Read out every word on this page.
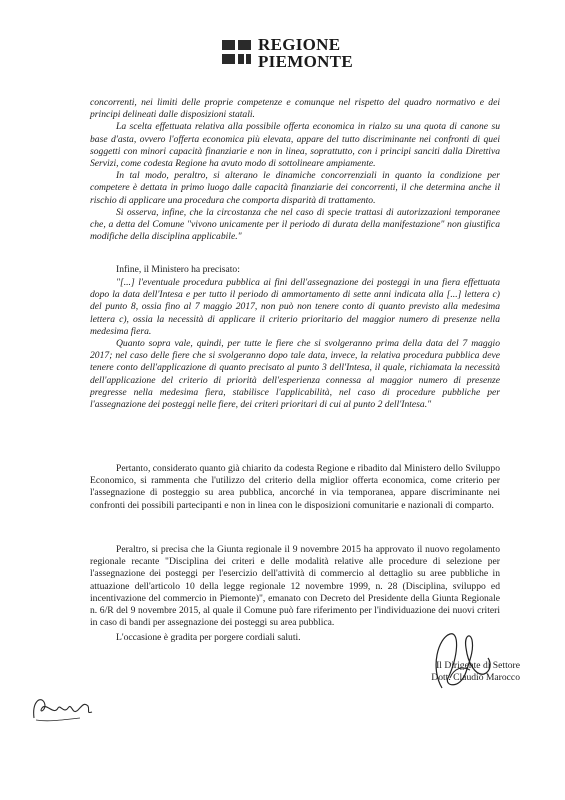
REGIONE
PIEMONTE

concorrenti, nei limiti delle proprie competenze e comunque nel rispetto del quadro normativo e dei principi delineati dalle disposizioni statali.

La scelta effettuata relativa alla possibile offerta economica in rialzo su una quota di canone su base d'asta, ovvero l'offerta economica più elevata, appare del tutto discriminante nei confronti di quei soggetti con minori capacità finanziarie e non in linea, soprattutto, con i principi sanciti dalla Direttiva Servizi, come codesta Regione ha avuto modo di sottolineare ampiamente.

In tal modo, peraltro, si alterano le dinamiche concorrenziali in quanto la condizione per competere è dettata in primo luogo dalle capacità finanziarie dei concorrenti, il che determina anche il rischio di applicare una procedura che comporta disparità di trattamento.

Si osserva, infine, che la circostanza che nel caso di specie trattasi di autorizzazioni temporanee che, a detta del Comune "vivono unicamente per il periodo di durata della manifestazione" non giustifica modifiche della disciplina applicabile."

Infine, il Ministero ha precisato:

"[...] l'eventuale procedura pubblica ai fini dell'assegnazione dei posteggi in una fiera effettuata dopo la data dell'Intesa e per tutto il periodo di ammortamento di sette anni indicata alla [...] lettera c) del punto 8, ossia fino al 7 maggio 2017, non può non tenere conto di quanto previsto alla medesima lettera c), ossia la necessità di applicare il criterio prioritario del maggior numero di presenze nella medesima fiera.

Quanto sopra vale, quindi, per tutte le fiere che si svolgeranno prima della data del 7 maggio 2017; nel caso delle fiere che si svolgeranno dopo tale data, invece, la relativa procedura pubblica deve tenere conto dell'applicazione di quanto precisato al punto 3 dell'Intesa, il quale, richiamata la necessità dell'applicazione del criterio di priorità dell'esperienza connessa al maggior numero di presenze pregresse nella medesima fiera, stabilisce l'applicabilità, nel caso di procedure pubbliche per l'assegnazione dei posteggi nelle fiere, dei criteri prioritari di cui al punto 2 dell'Intesa."

Pertanto, considerato quanto già chiarito da codesta Regione e ribadito dal Ministero dello Sviluppo Economico, si rammenta che l'utilizzo del criterio della miglior offerta economica, come criterio per l'assegnazione di posteggio su area pubblica, ancorché in via temporanea, appare discriminante nei confronti dei possibili partecipanti e non in linea con le disposizioni comunitarie e nazionali di comparto.

Peraltro, si precisa che la Giunta regionale il 9 novembre 2015 ha approvato il nuovo regolamento regionale recante "Disciplina dei criteri e delle modalità relative alle procedure di selezione per l'assegnazione dei posteggi per l'esercizio dell'attività di commercio al dettaglio su aree pubbliche in attuazione dell'articolo 10 della legge regionale 12 novembre 1999, n. 28 (Disciplina, sviluppo ed incentivazione del commercio in Piemonte)", emanato con Decreto del Presidente della Giunta Regionale n. 6/R del 9 novembre 2015, al quale il Comune può fare riferimento per l'individuazione dei nuovi criteri in caso di bandi per assegnazione dei posteggi su area pubblica.

L'occasione è gradita per porgere cordiali saluti.

Il Dirigente di Settore
Dott. Claudio Marocco
